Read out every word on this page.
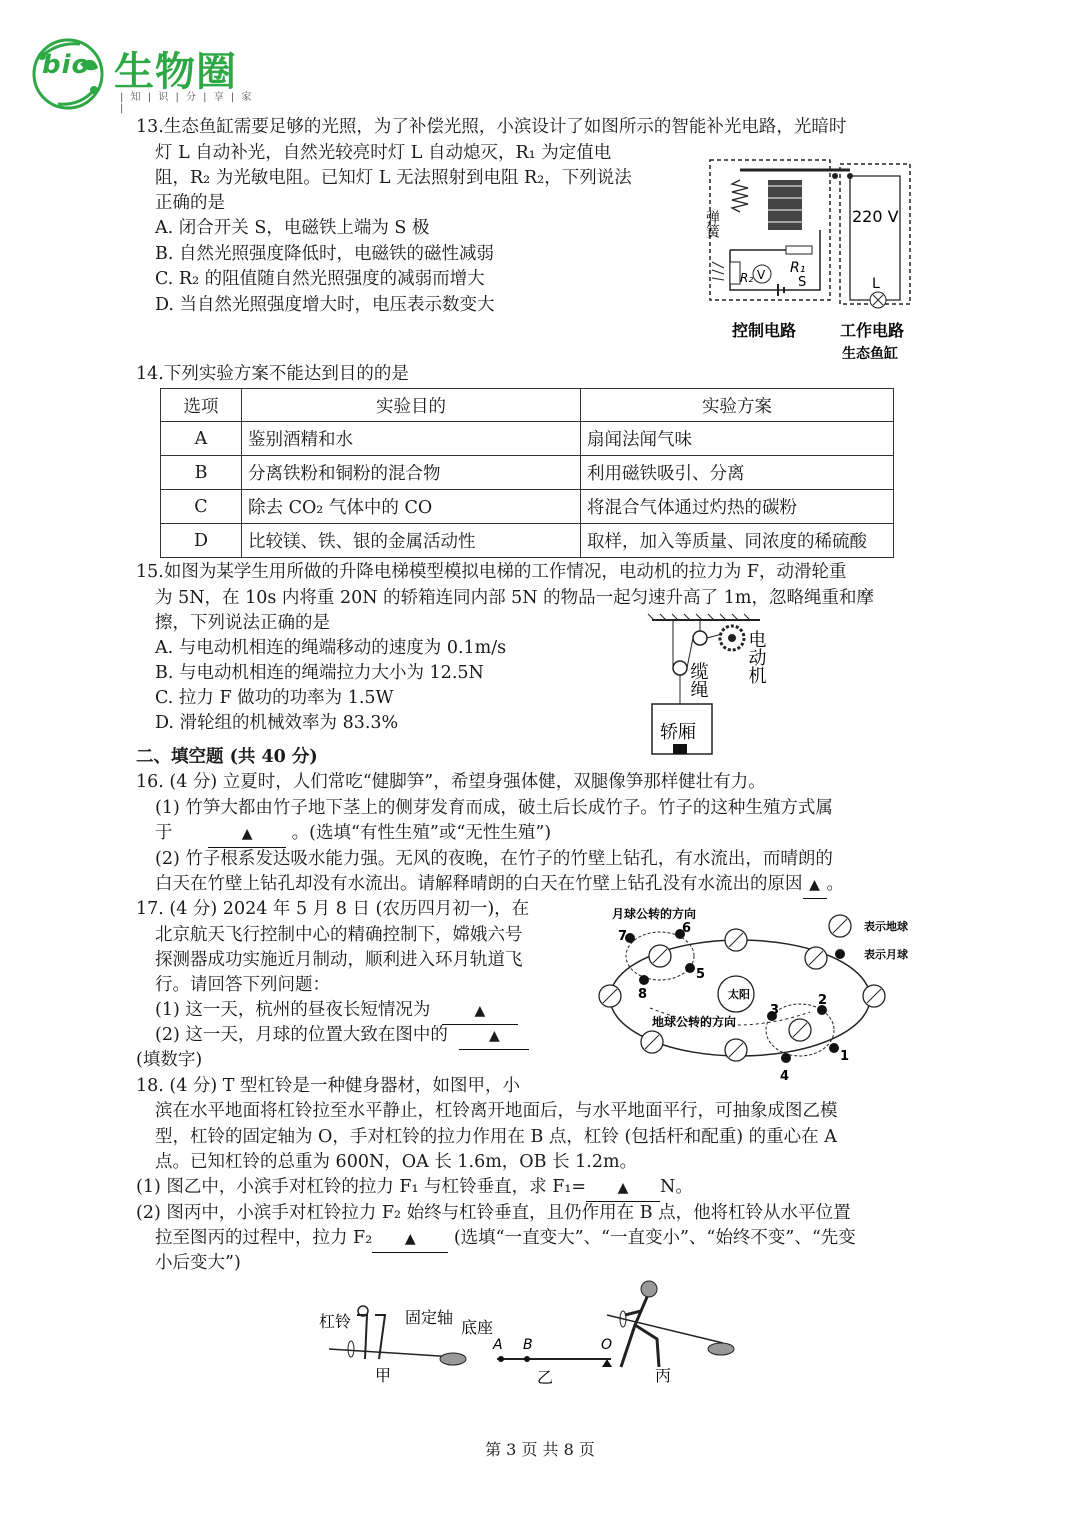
bio 生物圈
| 知 | 识 | 分 | 享 | 家 |
13.生态鱼缸需要足够的光照，为了补偿光照，小滨设计了如图所示的智能补光电路，光暗时
灯 L 自动补光，自然光较亮时灯 L 自动熄灭，R₁ 为定值电
阻，R₂ 为光敏电阻。已知灯 L 无法照射到电阻 R₂，下列说法
正确的是
A. 闭合开关 S，电磁铁上端为 S 极
B. 自然光照强度降低时，电磁铁的磁性减弱
C. R₂ 的阻值随自然光照强度的减弱而增大
D. 当自然光照强度增大时，电压表示数变大
弹簧
R₁
R₂ V	S
220 V
L
控制电路	工作电路
生态鱼缸
14.下列实验方案不能达到目的的是
选项	实验目的	实验方案
A	鉴别酒精和水	扇闻法闻气味
B	分离铁粉和铜粉的混合物	利用磁铁吸引、分离
C	除去 CO₂ 气体中的 CO	将混合气体通过灼热的碳粉
D	比较镁、铁、银的金属活动性	取样，加入等质量、同浓度的稀硫酸
15.如图为某学生用所做的升降电梯模型模拟电梯的工作情况，电动机的拉力为 F，动滑轮重
为 5N，在 10s 内将重 20N 的轿箱连同内部 5N 的物品一起匀速升高了 1m，忽略绳重和摩
擦，下列说法正确的是
A. 与电动机相连的绳端移动的速度为 0.1m/s
B. 与电动机相连的绳端拉力大小为 12.5N
C. 拉力 F 做功的功率为 1.5W
D. 滑轮组的机械效率为 83.3%
缆绳 电动机
轿厢
二、填空题 (共 40 分)
16. (4 分) 立夏时，人们常吃“健脚笋”，希望身强体健，双腿像笋那样健壮有力。
(1) 竹笋大都由竹子地下茎上的侧芽发育而成，破土后长成竹子。竹子的这种生殖方式属
于	▲ 。(选填“有性生殖”或“无性生殖”)
(2) 竹子根系发达吸水能力强。无风的夜晚，在竹子的竹壁上钻孔，有水流出，而晴朗的
白天在竹壁上钻孔却没有水流出。请解释晴朗的白天在竹壁上钻孔没有水流出的原因 ▲ 。
17. (4 分) 2024 年 5 月 8 日 (农历四月初一)，在
北京航天飞行控制中心的精确控制下，嫦娥六号
探测器成功实施近月制动，顺利进入环月轨道飞
行。请回答下列问题：
(1) 这一天，杭州的昼夜长短情况为	▲
(2) 这一天，月球的位置大致在图中的	▲
(填数字)
月球公转的方向
表示地球
表示月球
地球公转的方向
太阳
6
7
5
8	2
3
1
4
18. (4 分) T 型杠铃是一种健身器材，如图甲，小
滨在水平地面将杠铃拉至水平静止，杠铃离开地面后，与水平地面平行，可抽象成图乙模
型，杠铃的固定轴为 O，手对杠铃的拉力作用在 B 点，杠铃 (包括杆和配重) 的重心在 A
点。已知杠铃的总重为 600N，OA 长 1.6m，OB 长 1.2m。
(1) 图乙中，小滨手对杠铃的拉力 F₁ 与杠铃垂直，求 F₁= ▲ N。
(2) 图丙中，小滨手对杠铃拉力 F₂ 始终与杠铃垂直，且仍作用在 B 点，他将杠铃从水平位置
拉至图丙的过程中，拉力 F₂ ▲ (选填“一直变大”、“一直变小”、“始终不变”、“先变
小后变大”)
杠铃	固定轴
底座
甲
A B	O
乙	丙
第 3 页 共 8 页
